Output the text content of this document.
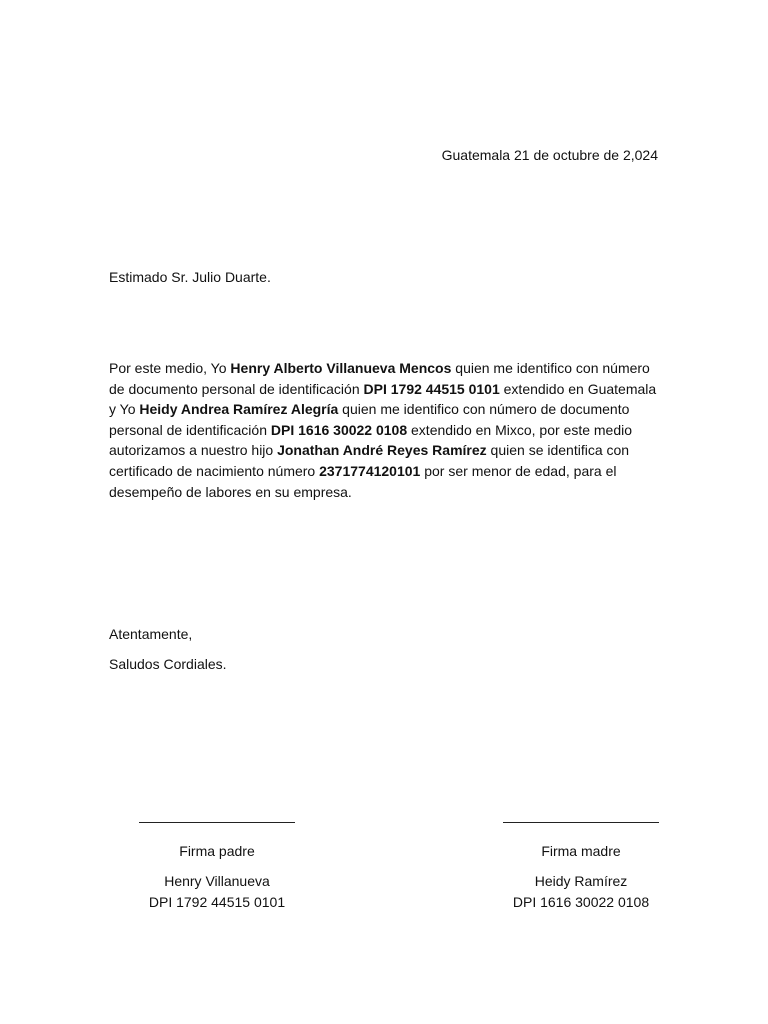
Guatemala 21 de octubre de 2,024
Estimado Sr. Julio Duarte.
Por este medio, Yo Henry Alberto Villanueva Mencos quien me identifico con número de documento personal de identificación DPI 1792 44515 0101 extendido en Guatemala y Yo Heidy Andrea Ramírez Alegría quien me identifico con número de documento personal de identificación DPI 1616 30022 0108 extendido en Mixco, por este medio autorizamos a nuestro hijo Jonathan André Reyes Ramírez quien se identifica con certificado de nacimiento número 2371774120101 por ser menor de edad, para el desempeño de labores en su empresa.
Atentamente,
Saludos Cordiales.
Firma padre
Henry Villanueva
DPI 1792 44515 0101
Firma madre
Heidy Ramírez
DPI 1616 30022 0108
